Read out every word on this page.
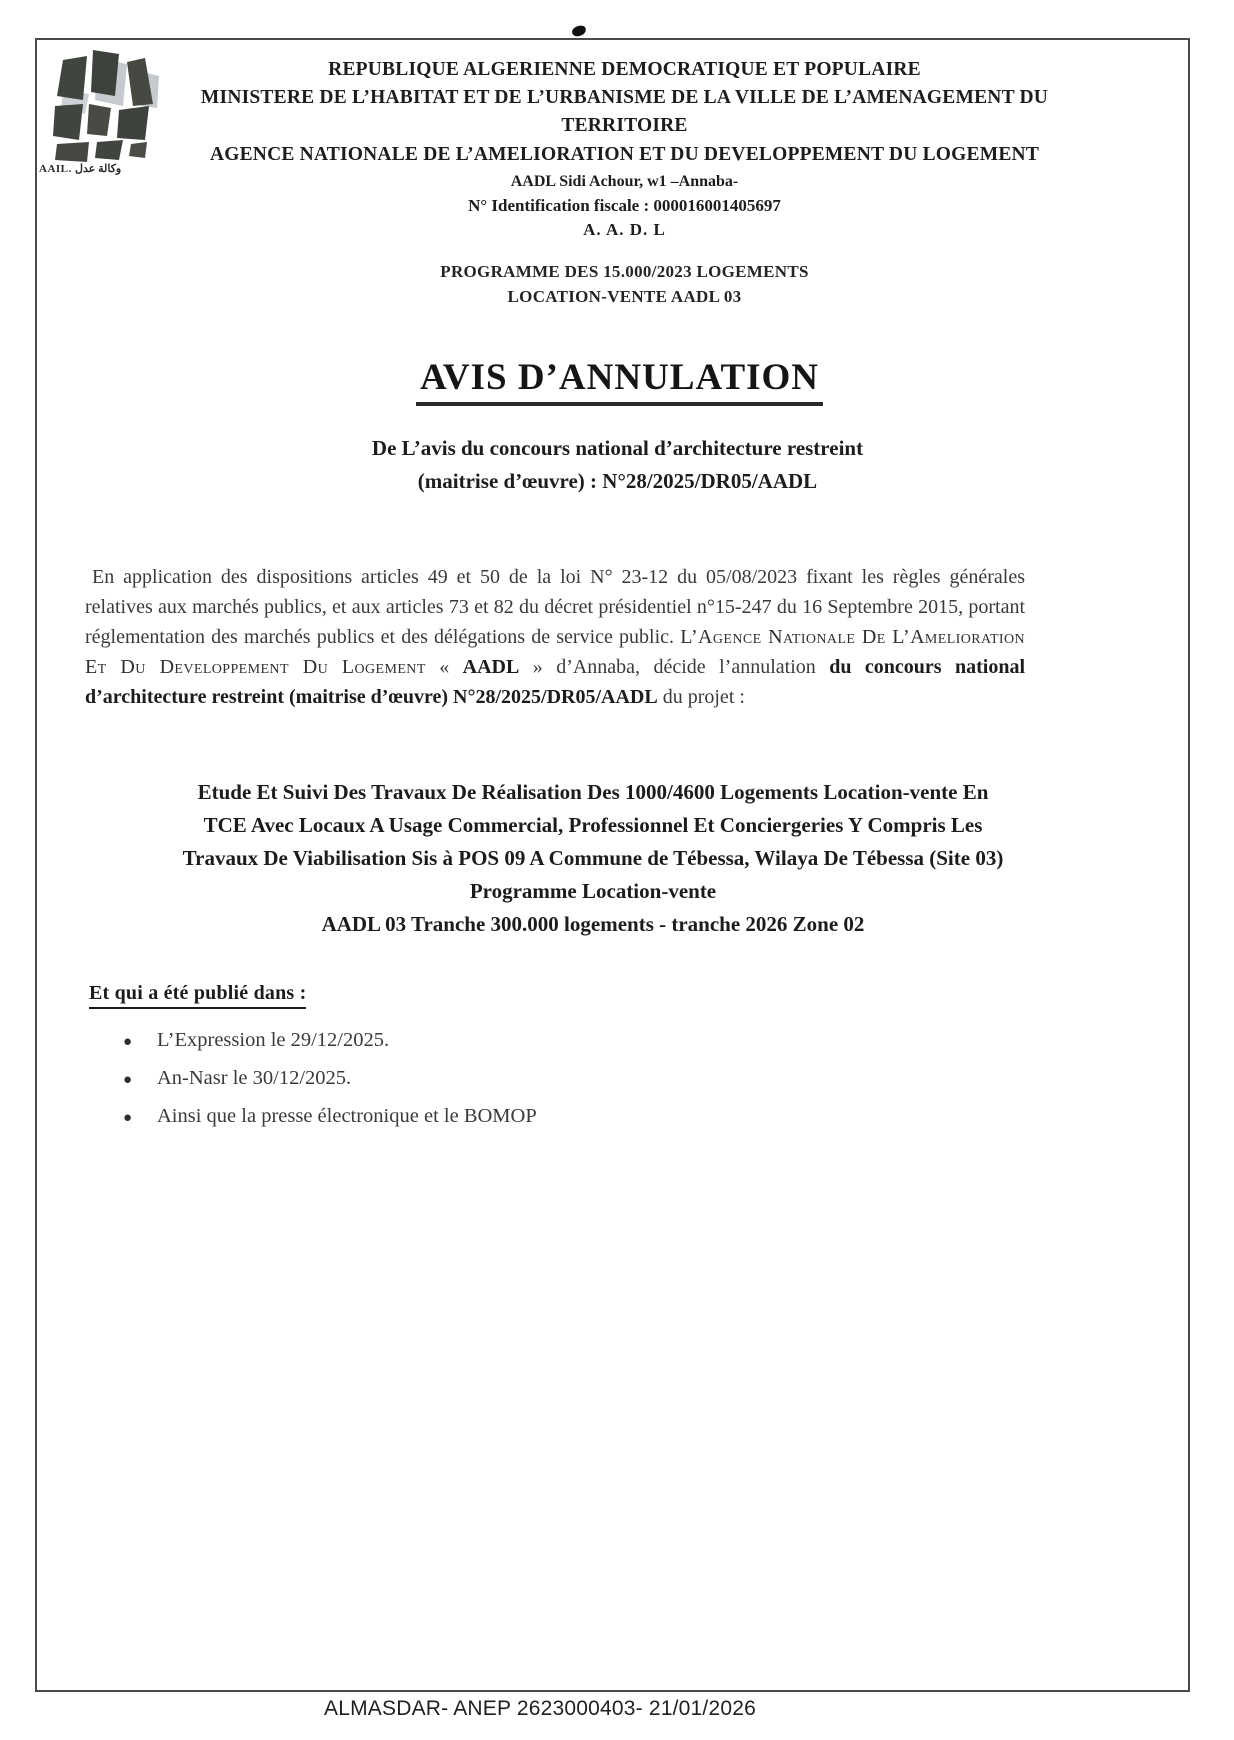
AAIL. وكالة عدل
REPUBLIQUE ALGERIENNE DEMOCRATIQUE ET POPULAIRE
MINISTERE DE L’HABITAT ET DE L’URBANISME DE LA VILLE DE L’AMENAGEMENT DU
TERRITOIRE
AGENCE NATIONALE DE L’AMELIORATION ET DU DEVELOPPEMENT DU LOGEMENT
AADL Sidi Achour, w1 –Annaba-
N° Identification fiscale : 000016001405697
A. A. D. L
PROGRAMME DES 15.000/2023 LOGEMENTS
LOCATION-VENTE AADL 03
AVIS D’ANNULATION
De L’avis du concours national d’architecture restreint
(maitrise d’œuvre) : N°28/2025/DR05/AADL
En application des dispositions articles 49 et 50 de la loi N° 23-12 du 05/08/2023 fixant les règles générales relatives aux marchés publics, et aux articles 73 et 82 du décret présidentiel n°15-247 du 16 Septembre 2015, portant réglementation des marchés publics et des délégations de service public. L’Agence Nationale De L’Amelioration Et Du Developpement Du Logement « AADL » d’Annaba, décide l’annulation du concours national d’architecture restreint (maitrise d’œuvre) N°28/2025/DR05/AADL du projet :
Etude Et Suivi Des Travaux De Réalisation Des 1000/4600 Logements Location-vente En
TCE Avec Locaux A Usage Commercial, Professionnel Et Conciergeries Y Compris Les
Travaux De Viabilisation Sis à POS 09 A Commune de Tébessa, Wilaya De Tébessa (Site 03)
Programme Location-vente
AADL 03 Tranche 300.000 logements - tranche 2026 Zone 02
Et qui a été publié dans :
●	L’Expression le 29/12/2025.
●	An-Nasr le 30/12/2025.
●	Ainsi que la presse électronique et le BOMOP
ALMASDAR- ANEP 2623000403- 21/01/2026
